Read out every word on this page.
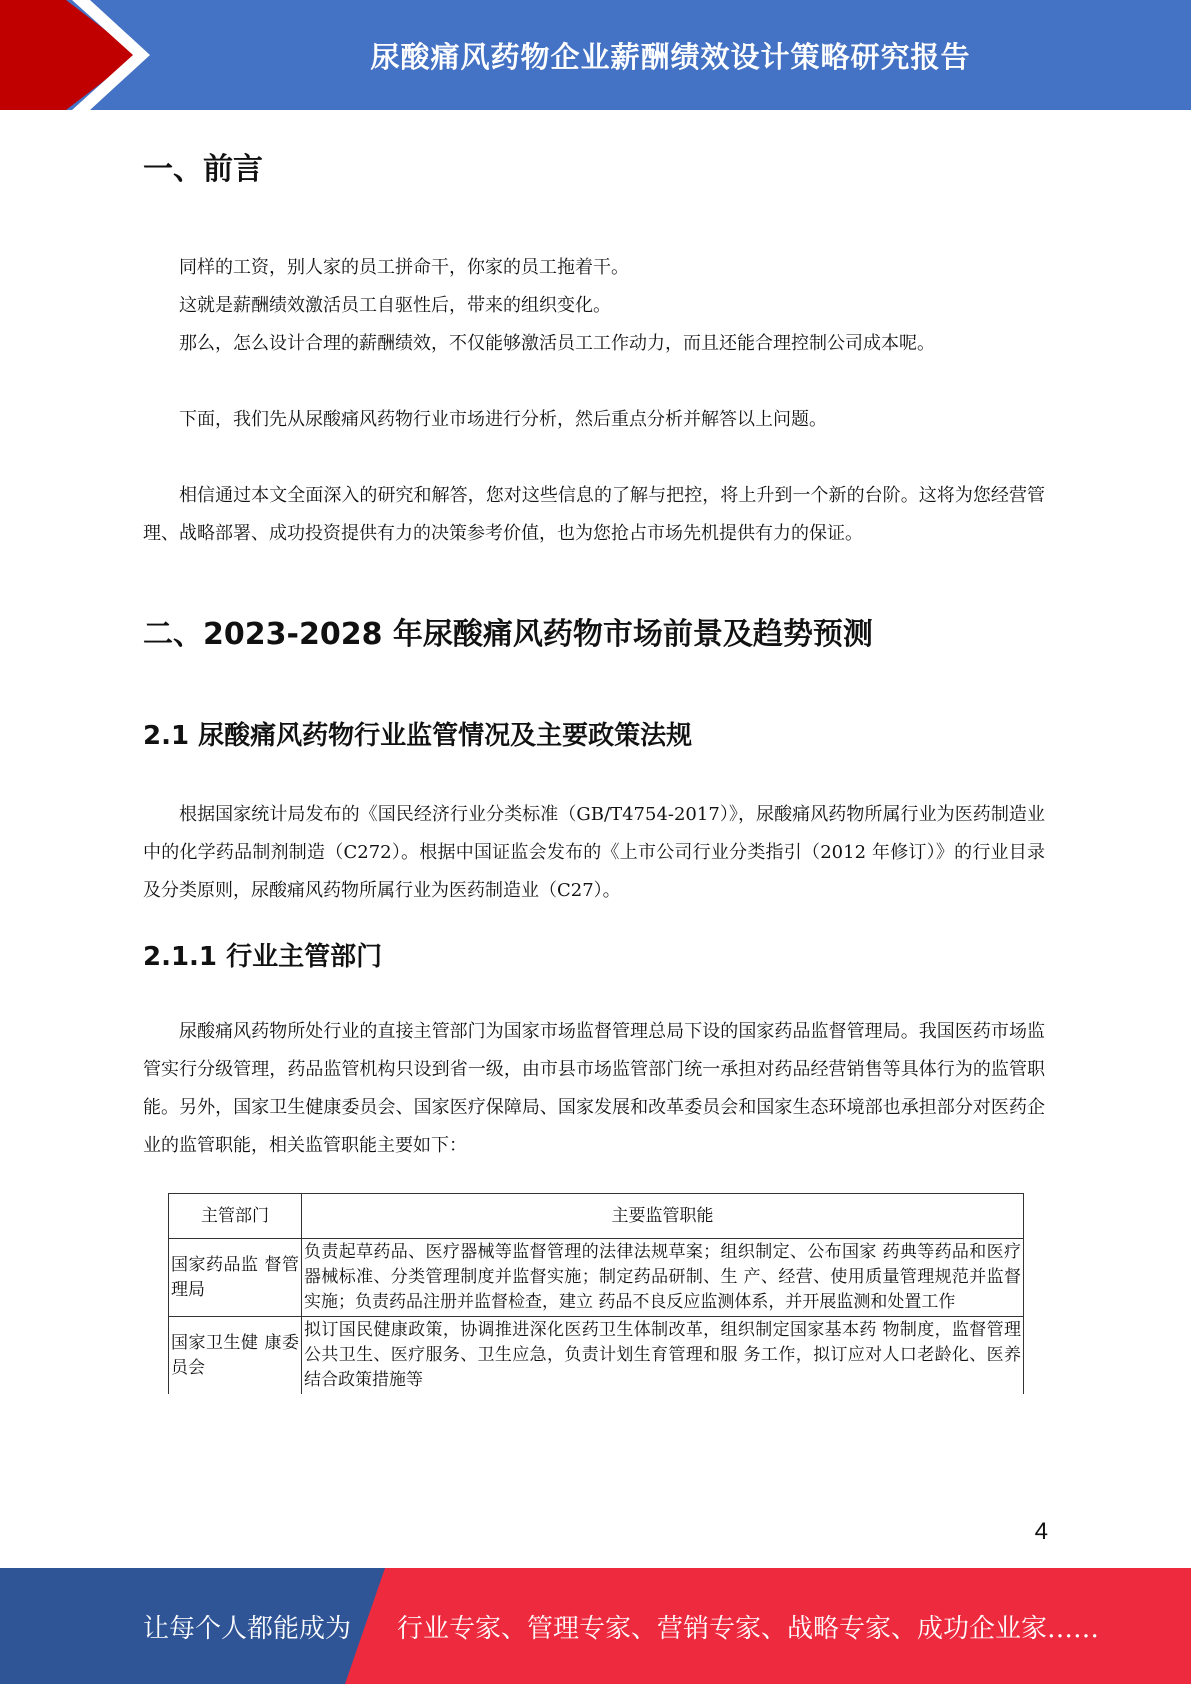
尿酸痛风药物企业薪酬绩效设计策略研究报告
一、前言

同样的工资，别人家的员工拼命干，你家的员工拖着干。

这就是薪酬绩效激活员工自驱性后，带来的组织变化。

那么，怎么设计合理的薪酬绩效，不仅能够激活员工工作动力，而且还能合理控制公司成本呢。

下面，我们先从尿酸痛风药物行业市场进行分析，然后重点分析并解答以上问题。

相信通过本文全面深入的研究和解答，您对这些信息的了解与把控，将上升到一个新的台阶。这将为您经营管理、战略部署、成功投资提供有力的决策参考价值，也为您抢占市场先机提供有力的保证。

二、2023-2028 年尿酸痛风药物市场前景及趋势预测
2.1 尿酸痛风药物行业监管情况及主要政策法规

根据国家统计局发布的《国民经济行业分类标准（GB/T4754-2017）》，尿酸痛风药物所属行业为医药制造业中的化学药品制剂制造（C272）。根据中国证监会发布的《上市公司行业分类指引（2012 年修订）》的行业目录及分类原则，尿酸痛风药物所属行业为医药制造业（C27）。

2.1.1 行业主管部门

尿酸痛风药物所处行业的直接主管部门为国家市场监督管理总局下设的国家药品监督管理局。我国医药市场监管实行分级管理，药品监管机构只设到省一级，由市县市场监管部门统一承担对药品经营销售等具体行为的监管职能。另外，国家卫生健康委员会、国家医疗保障局、国家发展和改革委员会和国家生态环境部也承担部分对医药企业的监管职能，相关监管职能主要如下：

主管部门	主要监管职能
国家药品监 督管理局	负责起草药品、医疗器械等监督管理的法律法规草案；组织制定、公布国家 药典等药品和医疗器械标准、分类管理制度并监督实施；制定药品研制、生 产、经营、使用质量管理规范并监督实施；负责药品注册并监督检查，建立 药品不良反应监测体系，并开展监测和处置工作
国家卫生健 康委员会	拟订国民健康政策，协调推进深化医药卫生体制改革，组织制定国家基本药 物制度，监督管理公共卫生、医疗服务、卫生应急，负责计划生育管理和服 务工作，拟订应对人口老龄化、医养结合政策措施等
4
让每个人都能成为 行业专家、管理专家、营销专家、战略专家、成功企业家……
